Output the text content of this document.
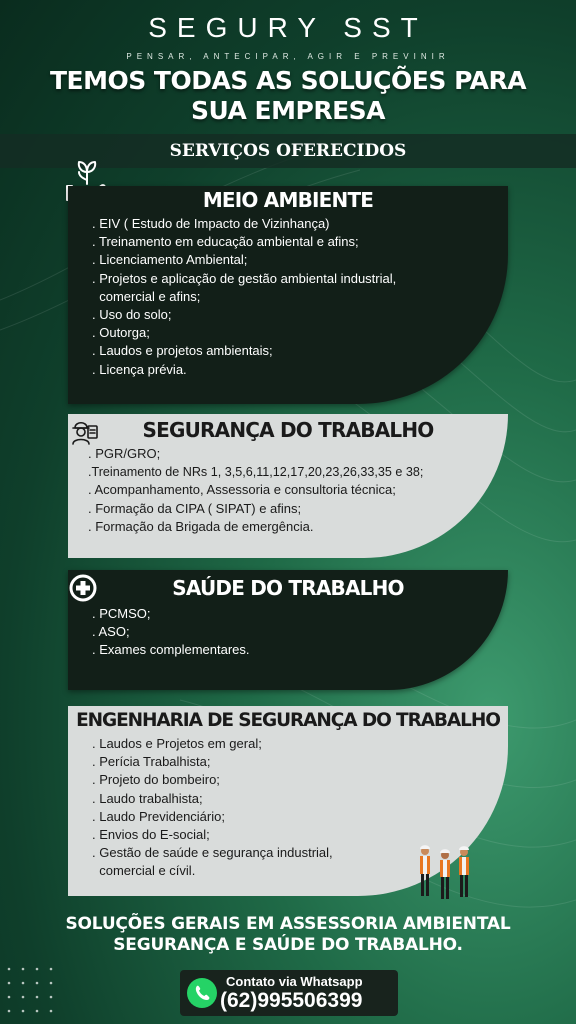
SEGURY SST
PENSAR, ANTECIPAR, AGIR E PREVINIR
TEMOS TODAS AS SOLUÇÕES PARA
SUA EMPRESA
SERVIÇOS OFERECIDOS
MEIO AMBIENTE
. EIV ( Estudo de Impacto de Vizinhança)
. Treinamento em educação ambiental e afins;
. Licenciamento Ambiental;
. Projetos e aplicação de gestão ambiental industrial,
comercial e afins;
. Uso do solo;
. Outorga;
. Laudos e projetos ambientais;
. Licença prévia.
SEGURANÇA DO TRABALHO
. PGR/GRO;
.Treinamento de NRs 1, 3,5,6,11,12,17,20,23,26,33,35 e 38;
. Acompanhamento, Assessoria e consultoria técnica;
. Formação da CIPA ( SIPAT) e afins;
. Formação da Brigada de emergência.
SAÚDE DO TRABALHO
. PCMSO;
. ASO;
. Exames complementares.
ENGENHARIA DE SEGURANÇA DO TRABALHO
. Laudos e Projetos em geral;
. Perícia Trabalhista;
. Projeto do bombeiro;
. Laudo trabalhista;
. Laudo Previdenciário;
. Envios do E-social;
. Gestão de saúde e segurança industrial,
comercial e cívil.
SOLUÇÕES GERAIS EM ASSESSORIA AMBIENTAL
SEGURANÇA E SAÚDE DO TRABALHO.
Contato via Whatsapp
(62)995506399
